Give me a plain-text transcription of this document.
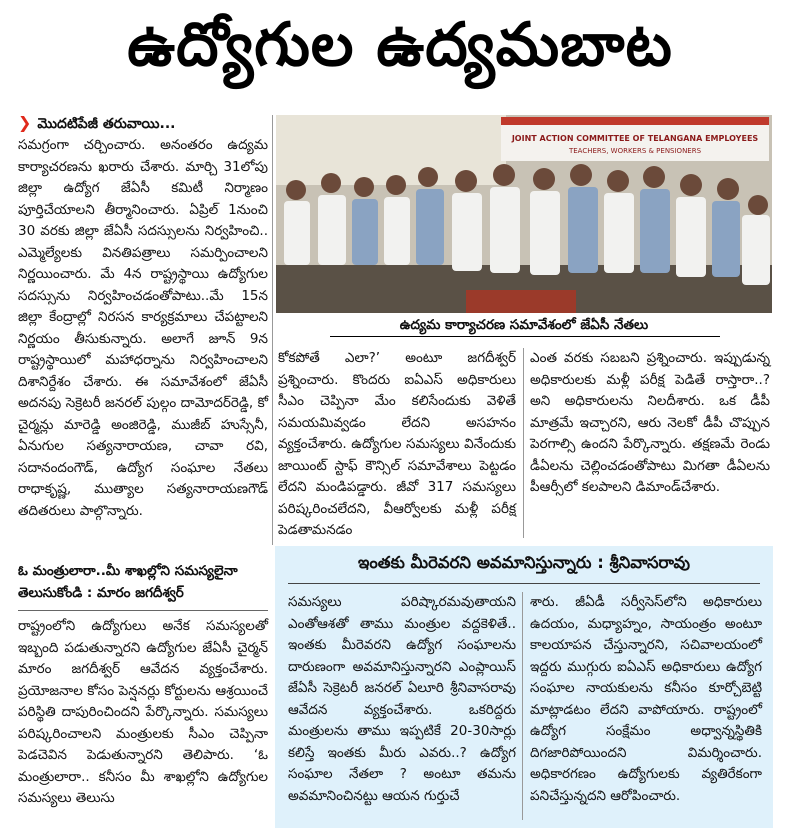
ఉద్యోగుల ఉద్యమబాట
❯ మొదటిపేజీ తరువాయి...

సమగ్రంగా చర్చించారు. అనంతరం ఉద్యమ కార్యాచరణను ఖరారు చేశారు. మార్చి 31లోపు జిల్లా ఉద్యోగ జేఏసీ కమిటీ నిర్మాణం పూర్తిచేయాలని తీర్మానించారు. ఏప్రిల్ 1నుంచి 30 వరకు జిల్లా జేఏసీ సదస్సులను నిర్వహించి.. ఎమ్మెల్యేలకు వినతిపత్రాలు సమర్పించాలని నిర్ణయించారు. మే 4న రాష్ట్రస్థాయి ఉద్యోగుల సదస్సును నిర్వహించడంతోపాటు..మే 15న జిల్లా కేంద్రాల్లో నిరసన కార్యక్రమాలు చేపట్టాలని నిర్ణయం తీసుకున్నారు. అలాగే జూన్ 9న రాష్ట్రస్థాయిలో మహాధర్నాను నిర్వహించాలని దిశానిర్దేశం చేశారు. ఈ సమావేశంలో జేఏసీ అదనపు సెక్రెటరీ జనరల్ పుల్గం దామోదర్‌రెడ్డి, కో చైర్మన్లు మారెడ్డి అంజిరెడ్డి, ముజీబ్ హుస్సేనీ, ఏనుగుల సత్యనారాయణ, చావా రవి, సదానందంగౌడ్, ఉద్యోగ సంఘాల నేతలు రాధాకృష్ణ, ముత్యాల సత్యనారాయణగౌడ్ తదితరులు పాల్గొన్నారు.

JOINT ACTION COMMITTEE OF TELANGANA EMPLOYEES
TEACHERS, WORKERS & PENSIONERS
ఉద్యమ కార్యాచరణ సమావేశంలో జేఏసీ నేతలు

కోకపోతే ఎలా?’ అంటూ జగదీశ్వర్ ప్రశ్నించారు. కొందరు ఐఏఎస్ అధికారులు సీఎం చెప్పినా మేం కలిసేందుకు వెళితే సమయమివ్వడం లేదని అసహనం వ్యక్తంచేశారు. ఉద్యోగుల సమస్యలు వినేందుకు జాయింట్ స్టాఫ్ కౌన్సిల్ సమావేశాలు పెట్టడం లేదని మండిపడ్డారు. జీవో 317 సమస్యలు పరిష్కరించలేదని, వీఆర్వోలకు మళ్లీ పరీక్ష పెడతామనడం

ఎంత వరకు సబబని ప్రశ్నించారు. ఇప్పుడున్న అధికారులకు మళ్లీ పరీక్ష పెడితే రాస్తారా..? అని అధికారులను నిలదీశారు. ఒక డీపీ మాత్రమే ఇచ్చారని, ఆరు నెలకో డీపీ చొప్పున పెరగాల్సి ఉందని పేర్కొన్నారు. తక్షణమే రెండు డీఏలను చెల్లించడంతోపాటు మిగతా డీఏలను పీఆర్సీలో కలపాలని డిమాండ్‌చేశారు.

ఓ మంత్రులారా..మీ శాఖల్లోని సమస్యలైనా తెలుసుకోండి : మారం జగదీశ్వర్

రాష్ట్రంలోని ఉద్యోగులు అనేక సమస్యలతో ఇబ్బంది పడుతున్నారని ఉద్యోగుల జేఏసీ చైర్మన్ మారం జగదీశ్వర్ ఆవేదన వ్యక్తంచేశారు. ప్రయోజనాల కోసం పెన్షనర్లు కోర్టులను ఆశ్రయించే పరిస్థితి దాపురించిందని పేర్కొన్నారు. సమస్యలు పరిష్కరించాలని మంత్రులకు సీఎం చెప్పినా పెడచెవిన పెడుతున్నారని తెలిపారు. ‘ఓ మంత్రులారా.. కనీసం మీ శాఖల్లోని ఉద్యోగుల సమస్యలు తెలుసు

ఇంతకు మీరెవరని అవమానిస్తున్నారు : శ్రీనివాసరావు

సమస్యలు పరిష్కారమవుతాయని ఎంతోఆశతో తాము మంత్రుల వద్దకెళితే.. ఇంతకు మీరెవరని ఉద్యోగ సంఘాలను దారుణంగా అవమానిస్తున్నారని ఎంప్లాయిస్ జేఏసీ సెక్రెటరీ జనరల్ ఏలూరి శ్రీనివాసరావు ఆవేదన వ్యక్తంచేశారు. ఒకరిద్దరు మంత్రులను తాము ఇప్పటికే 20-30సార్లు కలిస్తే ఇంతకు మీరు ఎవరు..? ఉద్యోగ సంఘాల నేతలా ? అంటూ తమను అవమానించినట్టు ఆయన గుర్తుచే

శారు. జీఏడీ సర్వీసెస్‌లోని అధికారులు ఉదయం, మధ్యాహ్నం, సాయంత్రం అంటూ కాలయాపన చేస్తున్నారని, సచివాలయంలో ఇద్దరు ముగ్గురు ఐఏఎస్ అధికారులు ఉద్యోగ సంఘాల నాయకులను కనీసం కూర్చోబెట్టి మాట్లాడటం లేదని వాపోయారు. రాష్ట్రంలో ఉద్యోగ సంక్షేమం అధ్వాన్నస్థితికి దిగజారిపోయిందని విమర్శించారు. అధికారగణం ఉద్యోగులకు వ్యతిరేకంగా పనిచేస్తున్నదని ఆరోపించారు.
